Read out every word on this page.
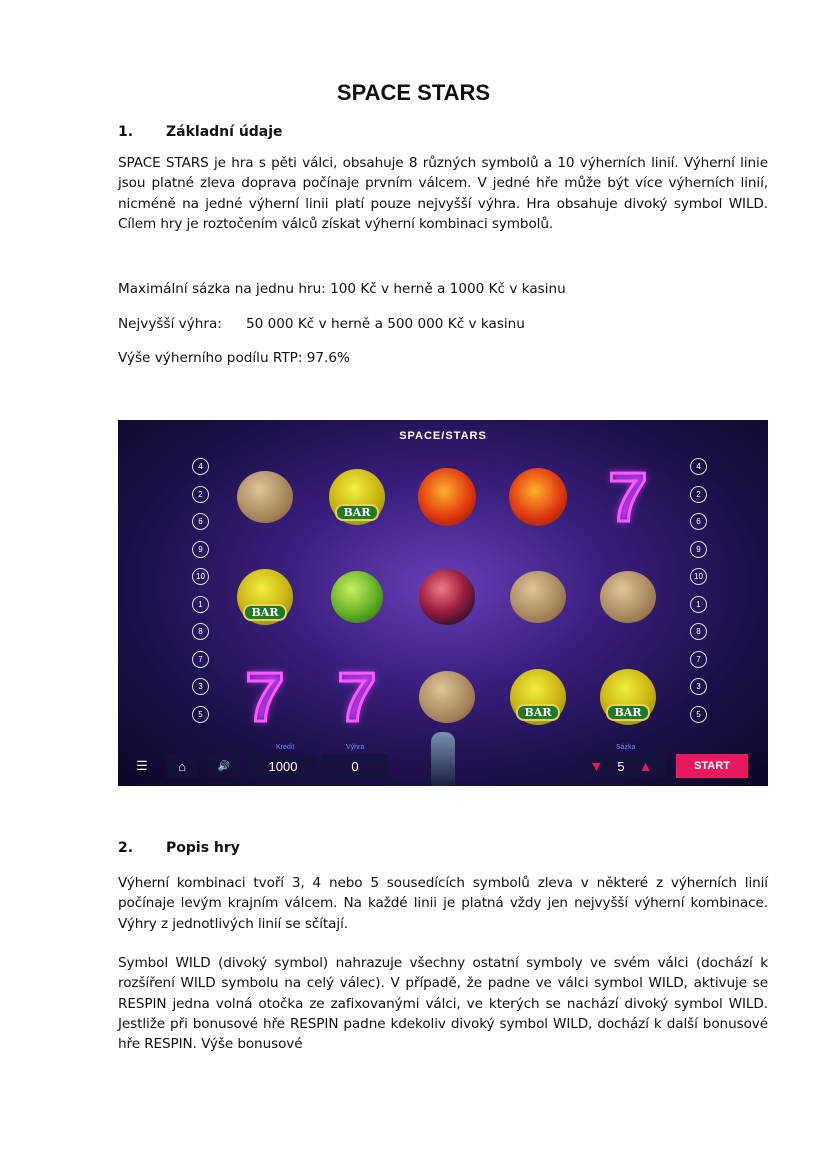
SPACE STARS
1. Základní údaje
SPACE STARS je hra s pěti válci, obsahuje 8 různých symbolů a 10 výherních linií. Výherní linie jsou platné zleva doprava počínaje prvním válcem. V jedné hře může být více výherních linií, nicméně na jedné výherní linii platí pouze nejvyšší výhra. Hra obsahuje divoký symbol WILD. Cílem hry je roztočením válců získat výherní kombinaci symbolů.
Maximální sázka na jednu hru: 100 Kč v herně a 1000 Kč v kasinu
Nejvyšší výhra: 50 000 Kč v herně a 500 000 Kč v kasinu
Výše výherního podílu RTP: 97.6%
SPACE/STARS
4
2
6
9
10
1
8
7
3
5
4
2
6
9
10
1
8
7
3
5
BAR	7
BAR
7 7	BAR	BAR
☰	⌂	🔊
Kredit
1000
Výhra
0
Sázka
▼ 5 ▲	START
2. Popis hry
Výherní kombinaci tvoří 3, 4 nebo 5 sousedících symbolů zleva v některé z výherních linií počínaje levým krajním válcem. Na každé linii je platná vždy jen nejvyšší výherní kombinace. Výhry z jednotlivých linií se sčítají.
Symbol WILD (divoký symbol) nahrazuje všechny ostatní symboly ve svém válci (dochází k rozšíření WILD symbolu na celý válec). V případě, že padne ve válci symbol WILD, aktivuje se RESPIN jedna volná otočka ze zafixovanými válci, ve kterých se nachází divoký symbol WILD. Jestliže při bonusové hře RESPIN padne kdekoliv divoký symbol WILD, dochází k další bonusové hře RESPIN. Výše bonusové
